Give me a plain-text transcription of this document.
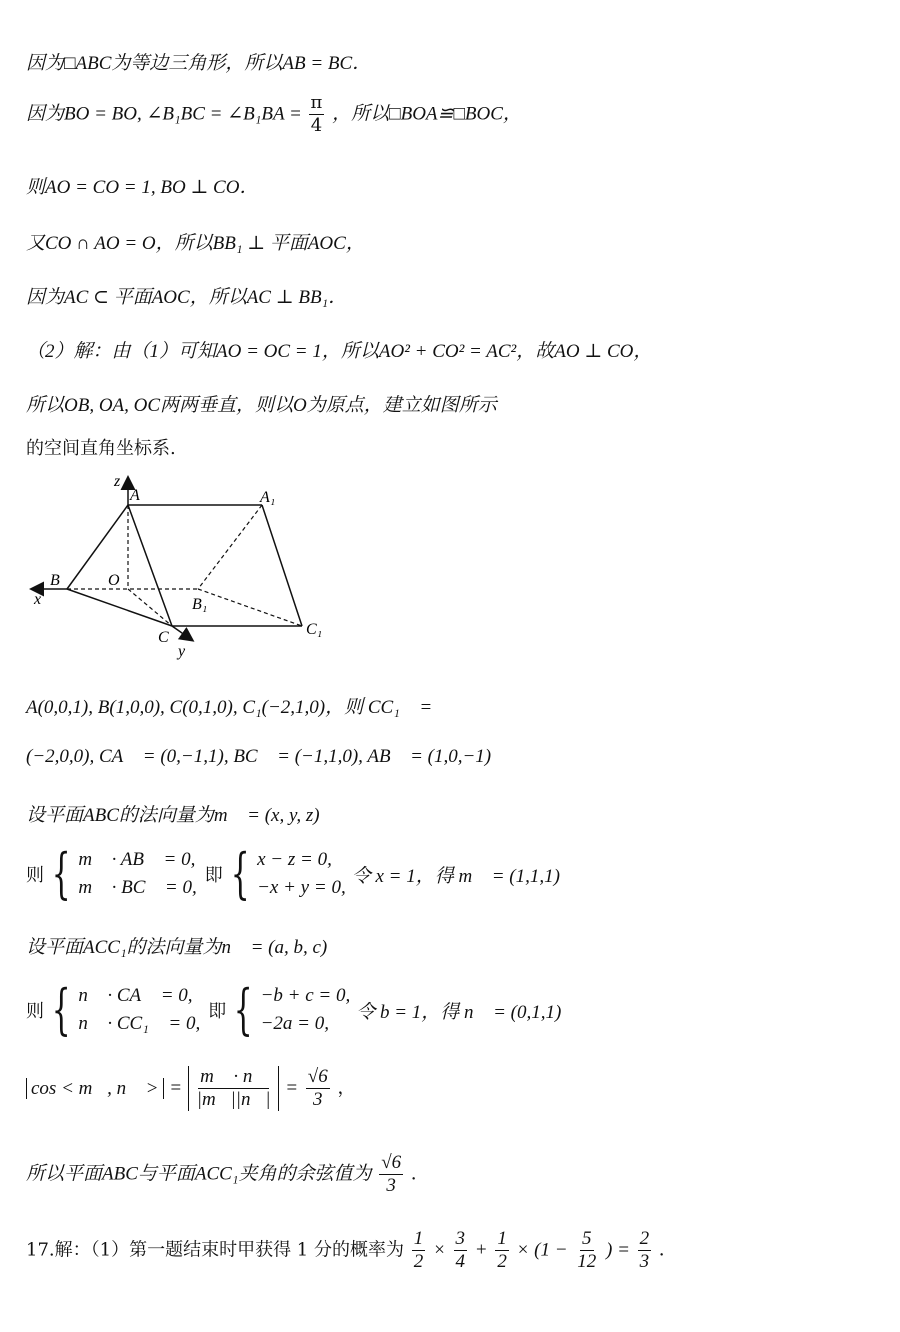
因为□ABC为等边三角形，所以AB = BC．
因为BO = BO, ∠B₁BC = ∠B₁BA = $\frac{\pi}{4}$ ，所以□BOA≌□BOC，
则AO = CO = 1, BO ⊥ CO．
又CO ∩ AO = O，所以BB₁ ⊥ 平面AOC，
因为AC ⊂ 平面AOC，所以AC ⊥ BB₁．
（2）解：由（1）可知AO = OC = 1，所以AO² + CO² = AC²，故AO ⊥ CO，
所以OB, OA, OC两两垂直，则以O为原点，建立如图所示
的空间直角坐标系.
z
A	A₁
B
x
O
B₁
C	C₁
y
A(0,0,1), B(1,0,0), C(0,1,0), C₁(−2,1,0)，则 CC₁⃗ =
(−2,0,0), CA⃗ = (0,−1,1), BC⃗ = (−1,1,0), AB⃗ = (1,0,−1)．
设平面ABC的法向量为m⃗ = (x, y, z)，
则 { m⃗ · AB⃗ = 0,
m⃗ · BC⃗ = 0,
即 { x − z = 0,
−x + y = 0,
令 x = 1，得 m⃗ = (1,1,1)．
设平面ACC₁的法向量为n⃗ = (a, b, c)，
则 { n⃗ · CA⃗ = 0,
n⃗ · CC₁⃗ = 0,
即 { −b + c = 0,
−2a = 0,
令 b = 1，得 n⃗ = (0,1,1)．
cos < m⃗, n⃗ > = $\frac{m⃗ \cdot n⃗}{|m⃗||n⃗|} = \frac{√6}{3}$ ，
所以平面ABC与平面ACC₁夹角的余弦值为 $\frac{√6}{3}$ ．
17.解：（1）第一题结束时甲获得 1 分的概率为 $\frac{1}{2} \times \frac{3}{4} + \frac{1}{2} \times (1 - \frac{5}{12}$ ) = $\frac{2}{3}$ ．
